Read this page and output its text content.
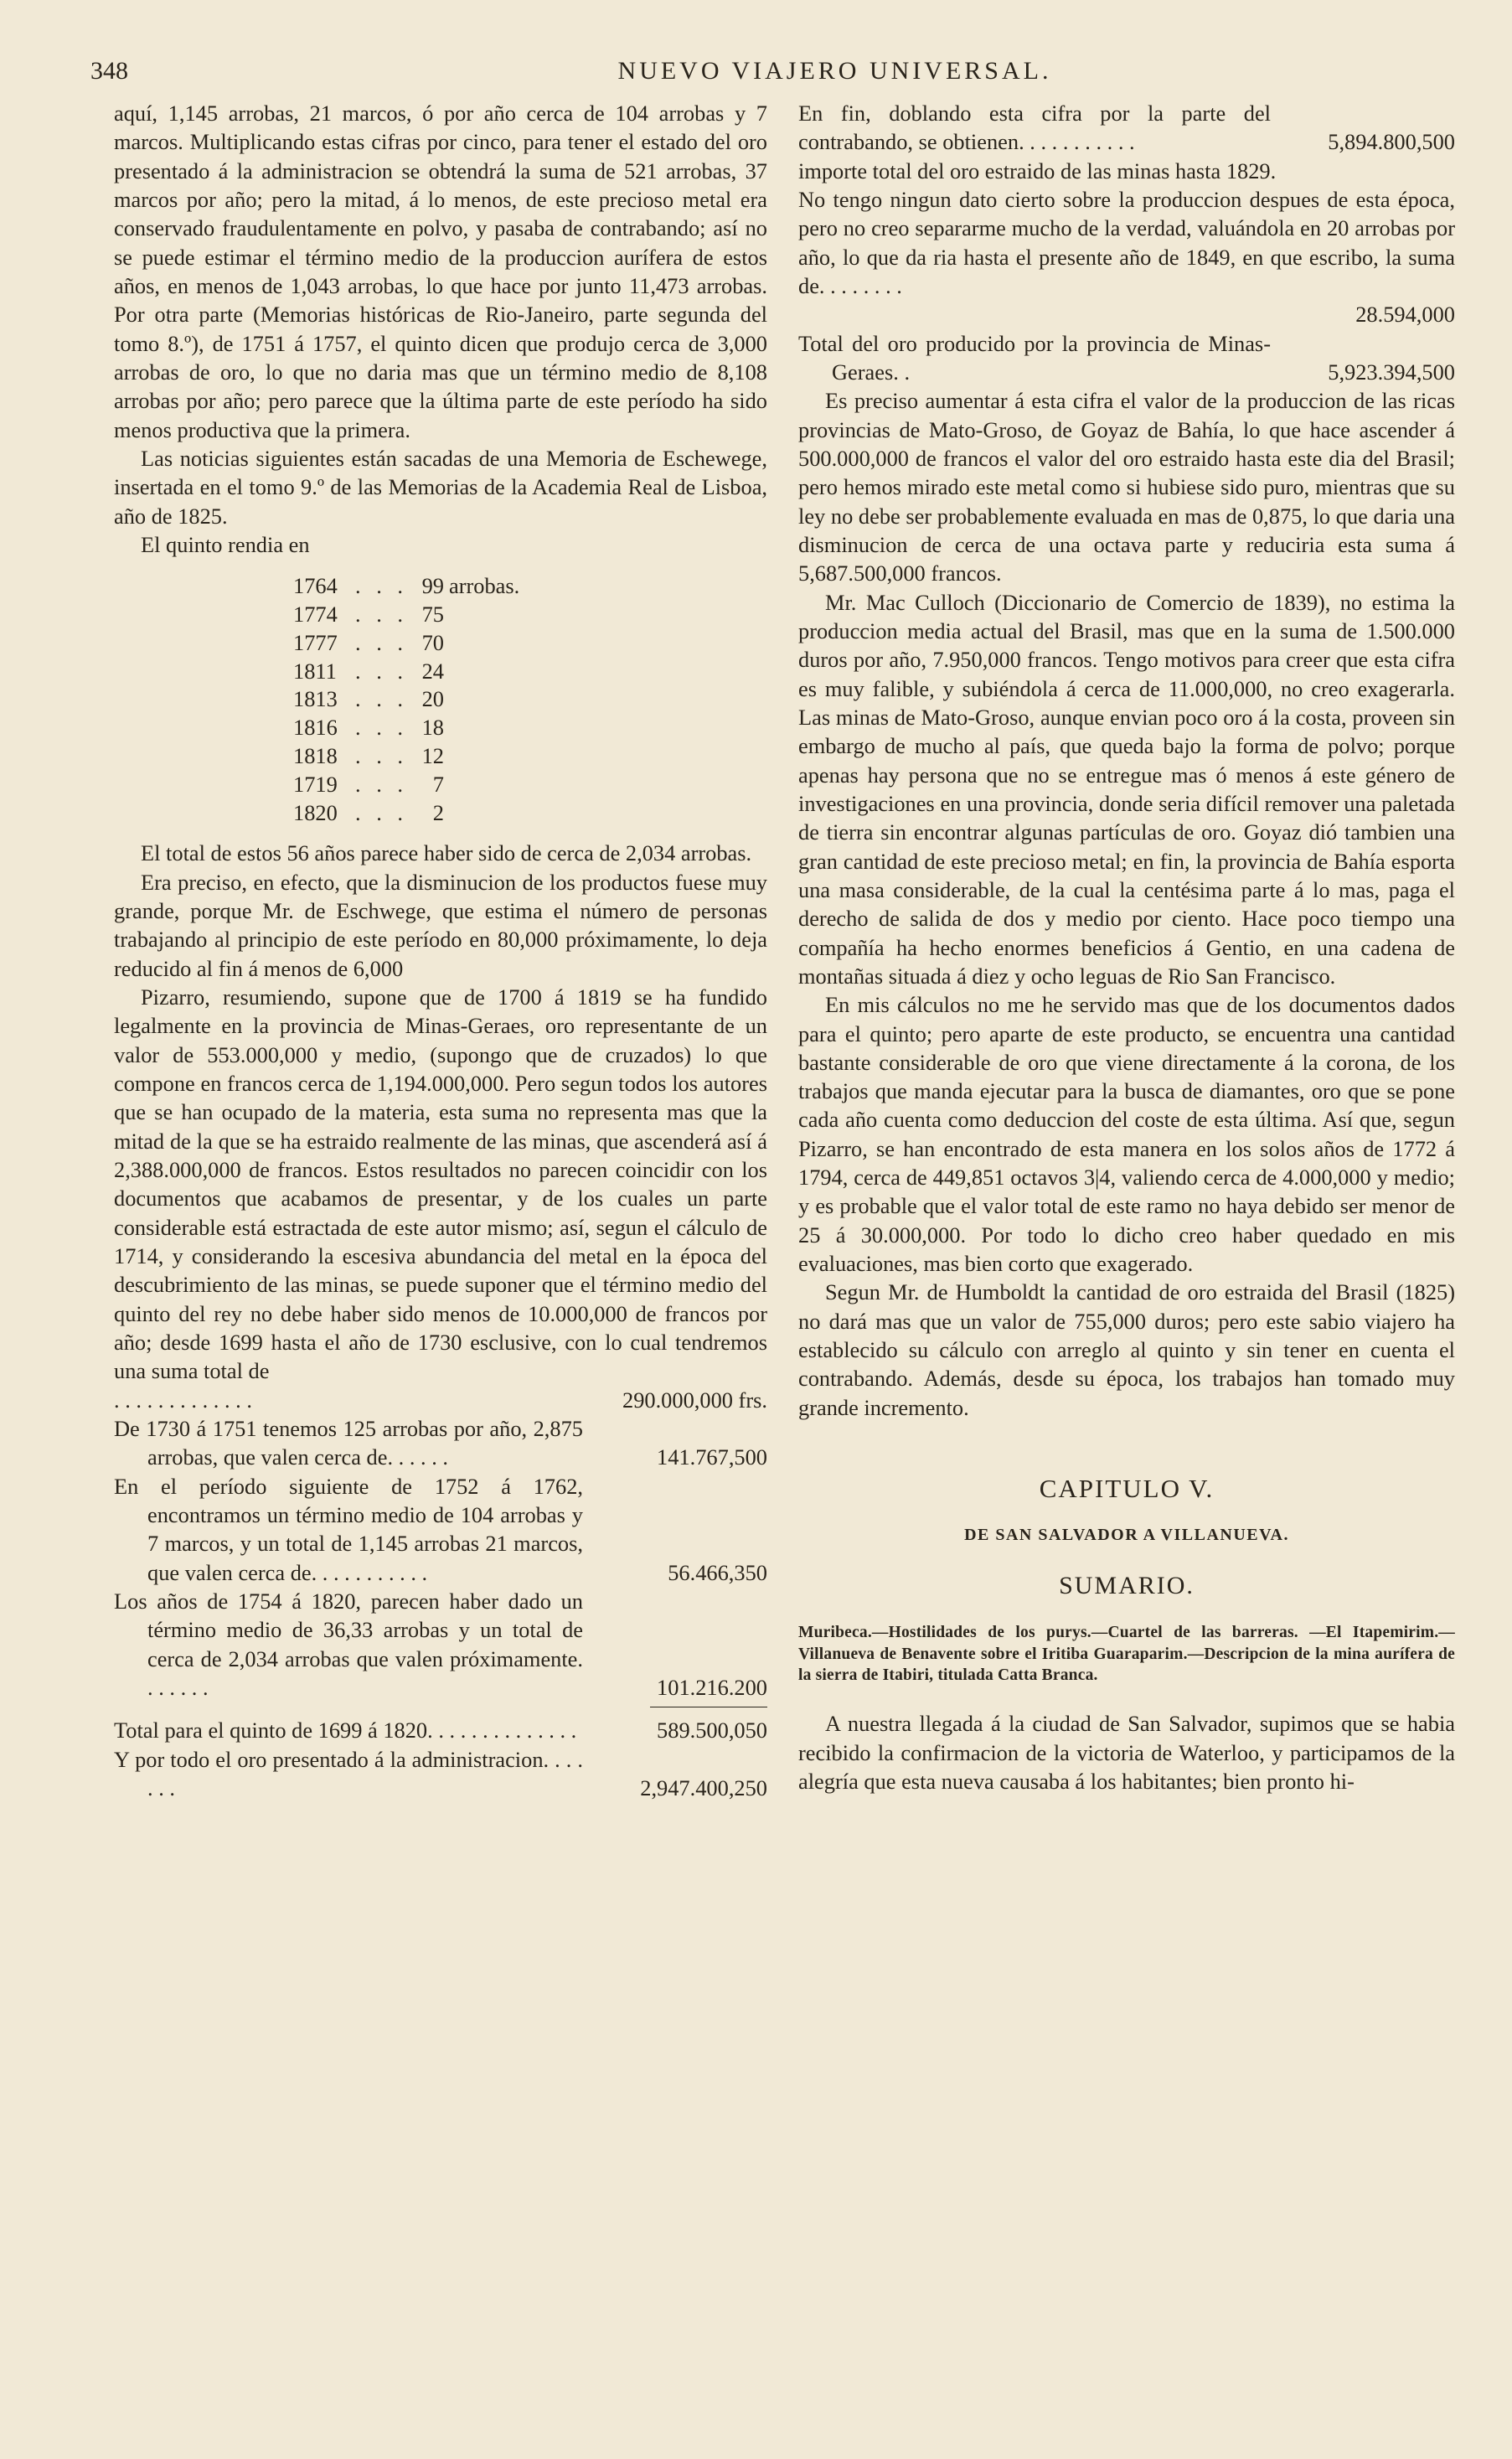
348	NUEVO VIAJERO UNIVERSAL.

aquí, 1,145 arrobas, 21 marcos, ó por año cerca de 104 arrobas y 7 marcos. Multiplicando estas cifras por cinco, para tener el estado del oro presentado á la administracion se obtendrá la suma de 521 arrobas, 37 marcos por año; pero la mitad, á lo menos, de este precioso metal era conservado fraudulentamente en polvo, y pasaba de contrabando; así no se puede estimar el término medio de la produccion aurífera de estos años, en menos de 1,043 arrobas, lo que hace por junto 11,473 arrobas. Por otra parte (Memorias históricas de Rio-Janeiro, parte segunda del tomo 8.º), de 1751 á 1757, el quinto dicen que produjo cerca de 3,000 arrobas de oro, lo que no daria mas que un término medio de 8,108 arrobas por año; pero parece que la última parte de este período ha sido menos productiva que la primera.

Las noticias siguientes están sacadas de una Memoria de Eschewege, insertada en el tomo 9.º de las Memorias de la Academia Real de Lisboa, año de 1825.

El quinto rendia en

1764 . . . 99 arrobas.
1774 . . . 75
1777 . . . 70
1811 . . . 24
1813 . . . 20
1816 . . . 18
1818 . . . 12
1719 . . .	7
1820 . . .	2

El total de estos 56 años parece haber sido de cerca de 2,034 arrobas.

Era preciso, en efecto, que la disminucion de los productos fuese muy grande, porque Mr. de Eschwege, que estima el número de personas trabajando al principio de este período en 80,000 próximamente, lo deja reducido al fin á menos de 6,000

Pizarro, resumiendo, supone que de 1700 á 1819 se ha fundido legalmente en la provincia de Minas-Geraes, oro representante de un valor de 553.000,000 y medio, (supongo que de cruzados) lo que compone en francos cerca de 1,194.000,000. Pero segun todos los autores que se han ocupado de la materia, esta suma no representa mas que la mitad de la que se ha estraido realmente de las minas, que ascenderá así á 2,388.000,000 de francos. Estos resultados no parecen coincidir con los documentos que acabamos de presentar, y de los cuales un parte considerable está estractada de este autor mismo; así, segun el cálculo de 1714, y considerando la escesiva abundancia del metal en la época del descubrimiento de las minas, se puede suponer que el término medio del quinto del rey no debe haber sido menos de 10.000,000 de francos por año; desde 1699 hasta el año de 1730 esclusive, con lo cual tendremos una suma total de

. . . . . . . . . . . . .	290.000,000 frs.
De 1730 á 1751 tenemos 125 arrobas por año, 2,875 arrobas, que valen cerca de. . . . . .	141.767,500
En el período siguiente de 1752 á 1762, encontramos un término medio de 104 arrobas y 7 marcos, y un total de 1,145 arrobas 21 marcos, que valen cerca de. . . . . . . . . . .	56.466,350
Los años de 1754 á 1820, parecen haber dado un término medio de 36,33 arrobas y un total de cerca de 2,034 arrobas que valen próximamente. . . . . . .	101.216.200
Total para el quinto de 1699 á 1820. . . . . . . . . . . . . .	589.500,050
Y por todo el oro presentado á la administracion. . . . . . .	2,947.400,250
En fin, doblando esta cifra por la parte del contrabando, se obtienen. . . . . . . . . . .	5,894.800,500

importe total del oro estraido de las minas hasta 1829.

No tengo ningun dato cierto sobre la produccion despues de esta época, pero no creo separarme mucho de la verdad, valuándola en 20 arrobas por año, lo que da ria hasta el presente año de 1849, en que escribo, la suma de. . . . . . . .

28.594,000
Total del oro producido por la provincia de Minas-Geraes. .	5,923.394,500

Es preciso aumentar á esta cifra el valor de la produccion de las ricas provincias de Mato-Groso, de Goyaz de Bahía, lo que hace ascender á 500.000,000 de francos el valor del oro estraido hasta este dia del Brasil; pero hemos mirado este metal como si hubiese sido puro, mientras que su ley no debe ser probablemente evaluada en mas de 0,875, lo que daria una disminucion de cerca de una octava parte y reduciria esta suma á 5,687.500,000 francos.

Mr. Mac Culloch (Diccionario de Comercio de 1839), no estima la produccion media actual del Brasil, mas que en la suma de 1.500.000 duros por año, 7.950,000 francos. Tengo motivos para creer que esta cifra es muy falible, y subiéndola á cerca de 11.000,000, no creo exagerarla. Las minas de Mato-Groso, aunque envian poco oro á la costa, proveen sin embargo de mucho al país, que queda bajo la forma de polvo; porque apenas hay persona que no se entregue mas ó menos á este género de investigaciones en una provincia, donde seria difícil remover una paletada de tierra sin encontrar algunas partículas de oro. Goyaz dió tambien una gran cantidad de este precioso metal; en fin, la provincia de Bahía esporta una masa considerable, de la cual la centésima parte á lo mas, paga el derecho de salida de dos y medio por ciento. Hace poco tiempo una compañía ha hecho enormes beneficios á Gentio, en una cadena de montañas situada á diez y ocho leguas de Rio San Francisco.

En mis cálculos no me he servido mas que de los documentos dados para el quinto; pero aparte de este producto, se encuentra una cantidad bastante considerable de oro que viene directamente á la corona, de los trabajos que manda ejecutar para la busca de diamantes, oro que se pone cada año cuenta como deduccion del coste de esta última. Así que, segun Pizarro, se han encontrado de esta manera en los solos años de 1772 á 1794, cerca de 449,851 octavos 3|4, valiendo cerca de 4.000,000 y medio; y es probable que el valor total de este ramo no haya debido ser menor de 25 á 30.000,000. Por todo lo dicho creo haber quedado en mis evaluaciones, mas bien corto que exagerado.

Segun Mr. de Humboldt la cantidad de oro estraida del Brasil (1825) no dará mas que un valor de 755,000 duros; pero este sabio viajero ha establecido su cálculo con arreglo al quinto y sin tener en cuenta el contrabando. Además, desde su época, los trabajos han tomado muy grande incremento.

CAPITULO V.
DE SAN SALVADOR A VILLANUEVA.
SUMARIO.
Muribeca.—Hostilidades de los purys.—Cuartel de las barreras. —El Itapemirim.— Villanueva de Benavente sobre el Iritiba Guaraparim.—Descripcion de la mina aurífera de la sierra de Itabiri, titulada Catta Branca.

A nuestra llegada á la ciudad de San Salvador, supimos que se habia recibido la confirmacion de la victoria de Waterloo, y participamos de la alegría que esta nueva causaba á los habitantes; bien pronto hi-
